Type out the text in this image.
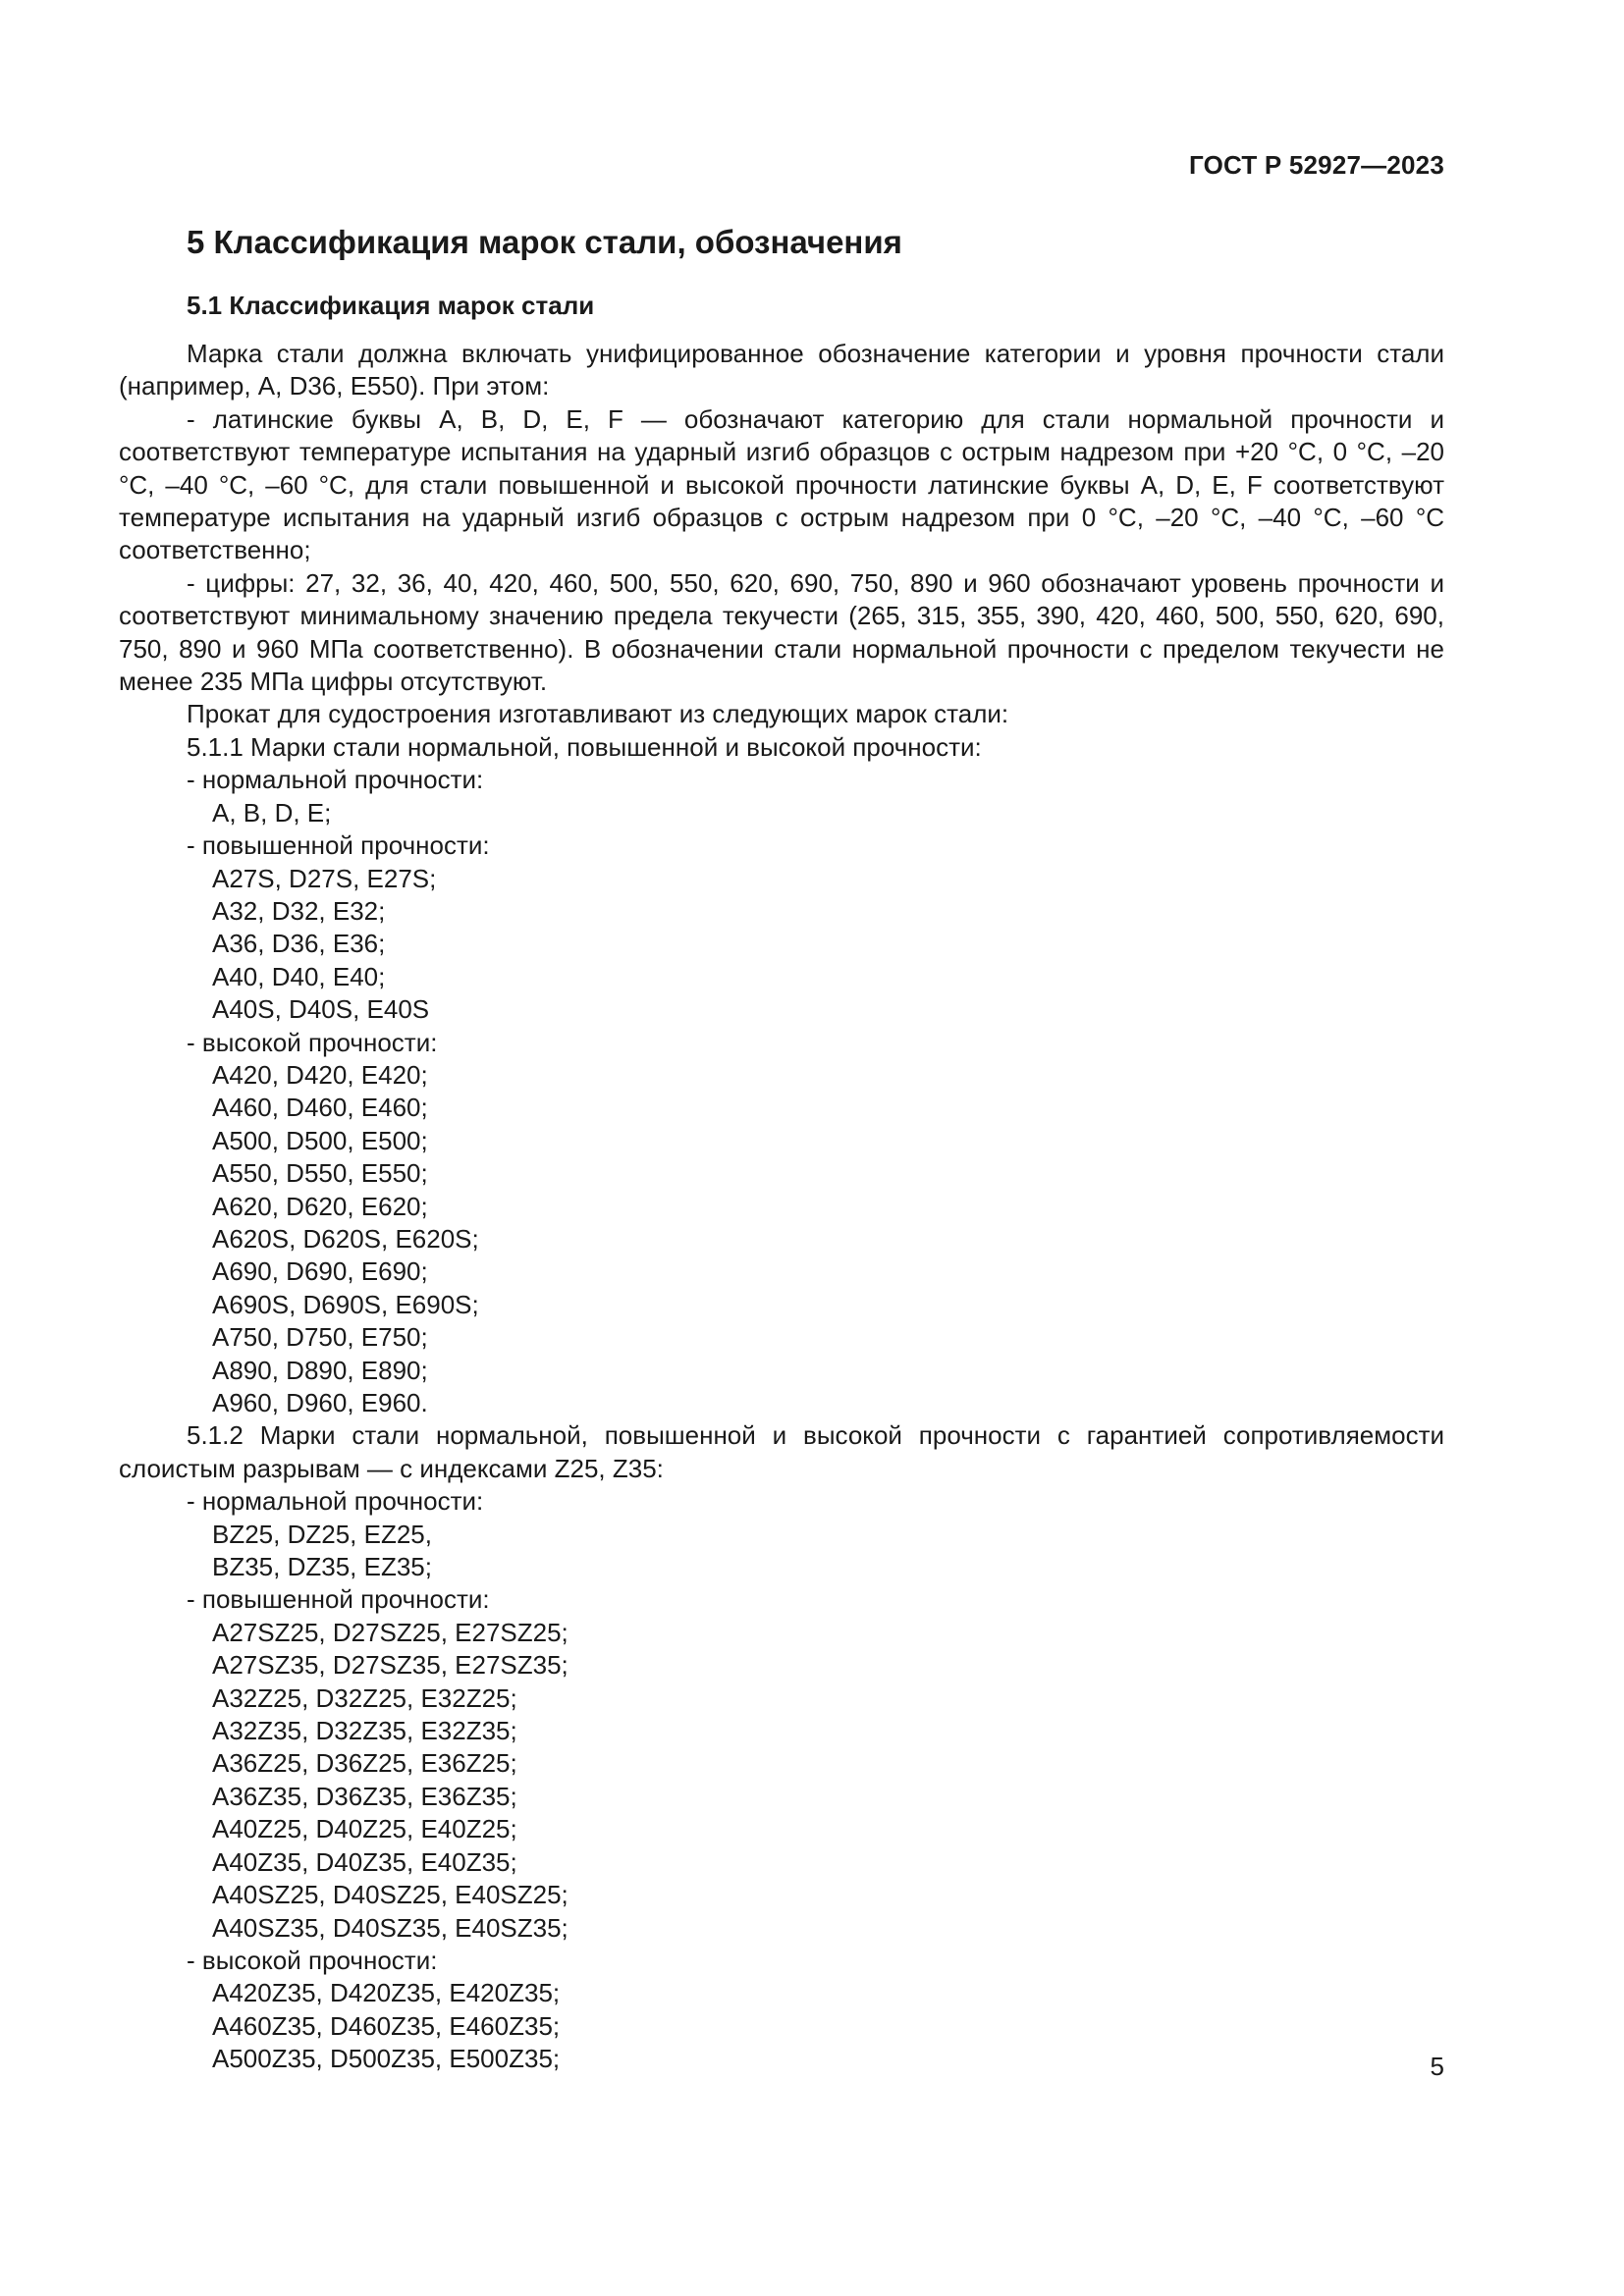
ГОСТ Р 52927—2023
5 Классификация марок стали, обозначения
5.1 Классификация марок стали

Марка стали должна включать унифицированное обозначение категории и уровня прочности стали (например, A, D36, E550). При этом:

- латинские буквы A, B, D, E, F — обозначают категорию для стали нормальной прочности и соответствуют температуре испытания на ударный изгиб образцов с острым надрезом при +20 °C, 0 °C, –20 °C, –40 °C, –60 °C, для стали повышенной и высокой прочности латинские буквы A, D, E, F соответствуют температуре испытания на ударный изгиб образцов с острым надрезом при 0 °C, –20 °C, –40 °C, –60 °C соответственно;

- цифры: 27, 32, 36, 40, 420, 460, 500, 550, 620, 690, 750, 890 и 960 обозначают уровень прочности и соответствуют минимальному значению предела текучести (265, 315, 355, 390, 420, 460, 500, 550, 620, 690, 750, 890 и 960 МПа соответственно). В обозначении стали нормальной прочности с пределом текучести не менее 235 МПа цифры отсутствуют.

Прокат для судостроения изготавливают из следующих марок стали:

5.1.1 Марки стали нормальной, повышенной и высокой прочности:

- нормальной прочности:
A, B, D, E;
- повышенной прочности:
A27S, D27S, E27S;
A32, D32, E32;
A36, D36, E36;
A40, D40, E40;
A40S, D40S, E40S
- высокой прочности:
A420, D420, E420;
A460, D460, E460;
A500, D500, E500;
A550, D550, E550;
A620, D620, E620;
A620S, D620S, E620S;
A690, D690, E690;
A690S, D690S, E690S;
A750, D750, E750;
A890, D890, E890;
A960, D960, E960.

5.1.2 Марки стали нормальной, повышенной и высокой прочности с гарантией сопротивляемости слоистым разрывам — с индексами Z25, Z35:

- нормальной прочности:
BZ25, DZ25, EZ25,
BZ35, DZ35, EZ35;
- повышенной прочности:
A27SZ25, D27SZ25, E27SZ25;
A27SZ35, D27SZ35, E27SZ35;
A32Z25, D32Z25, E32Z25;
A32Z35, D32Z35, E32Z35;
A36Z25, D36Z25, E36Z25;
A36Z35, D36Z35, E36Z35;
A40Z25, D40Z25, E40Z25;
A40Z35, D40Z35, E40Z35;
A40SZ25, D40SZ25, E40SZ25;
A40SZ35, D40SZ35, E40SZ35;
- высокой прочности:
A420Z35, D420Z35, E420Z35;
A460Z35, D460Z35, E460Z35;
A500Z35, D500Z35, E500Z35;	5
